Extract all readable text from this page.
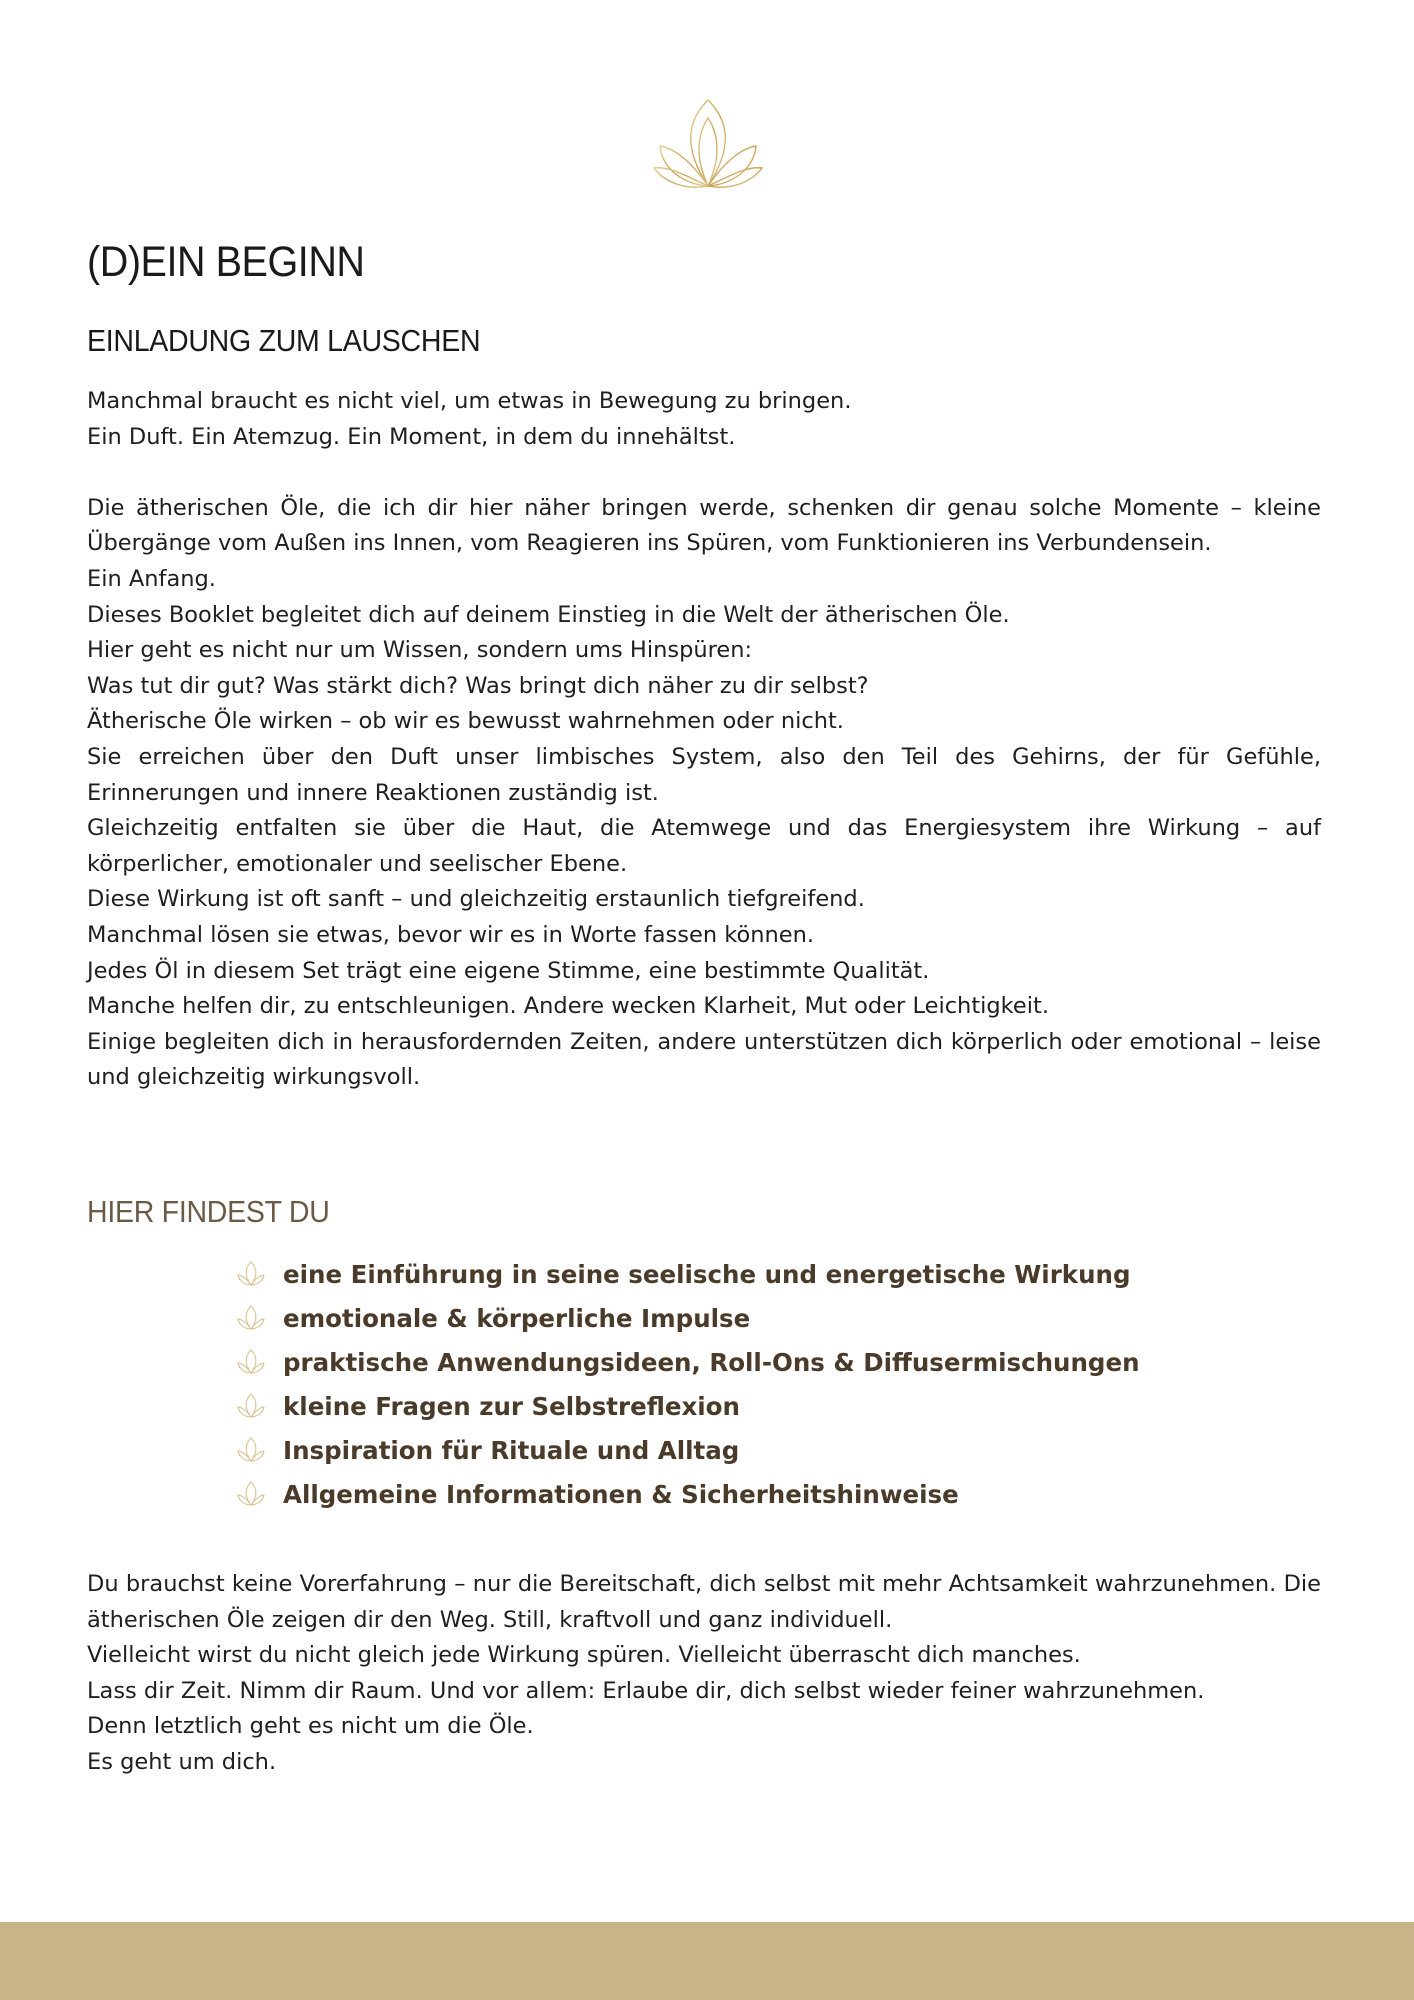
(D)EIN BEGINN
EINLADUNG ZUM LAUSCHEN
Manchmal braucht es nicht viel, um etwas in Bewegung zu bringen.
Ein Duft. Ein Atemzug. Ein Moment, in dem du innehältst.
Die ätherischen Öle, die ich dir hier näher bringen werde, schenken dir genau solche Momente – kleine Übergänge vom Außen ins Innen, vom Reagieren ins Spüren, vom Funktionieren ins Verbundensein.
Ein Anfang.
Dieses Booklet begleitet dich auf deinem Einstieg in die Welt der ätherischen Öle.
Hier geht es nicht nur um Wissen, sondern ums Hinspüren:
Was tut dir gut? Was stärkt dich? Was bringt dich näher zu dir selbst?
Ätherische Öle wirken – ob wir es bewusst wahrnehmen oder nicht.
Sie erreichen über den Duft unser limbisches System, also den Teil des Gehirns, der für Gefühle, Erinnerungen und innere Reaktionen zuständig ist.
Gleichzeitig entfalten sie über die Haut, die Atemwege und das Energiesystem ihre Wirkung – auf körperlicher, emotionaler und seelischer Ebene.
Diese Wirkung ist oft sanft – und gleichzeitig erstaunlich tiefgreifend.
Manchmal lösen sie etwas, bevor wir es in Worte fassen können.
Jedes Öl in diesem Set trägt eine eigene Stimme, eine bestimmte Qualität.
Manche helfen dir, zu entschleunigen. Andere wecken Klarheit, Mut oder Leichtigkeit.
Einige begleiten dich in herausfordernden Zeiten, andere unterstützen dich körperlich oder emotional – leise und gleichzeitig wirkungsvoll.
HIER FINDEST DU
eine Einführung in seine seelische und energetische Wirkung
emotionale & körperliche Impulse
praktische Anwendungsideen, Roll-Ons & Diffusermischungen
kleine Fragen zur Selbstreflexion
Inspiration für Rituale und Alltag
Allgemeine Informationen & Sicherheitshinweise
Du brauchst keine Vorerfahrung – nur die Bereitschaft, dich selbst mit mehr Achtsamkeit wahrzunehmen. Die ätherischen Öle zeigen dir den Weg. Still, kraftvoll und ganz individuell.
Vielleicht wirst du nicht gleich jede Wirkung spüren. Vielleicht überrascht dich manches.
Lass dir Zeit. Nimm dir Raum. Und vor allem: Erlaube dir, dich selbst wieder feiner wahrzunehmen.
Denn letztlich geht es nicht um die Öle.
Es geht um dich.
